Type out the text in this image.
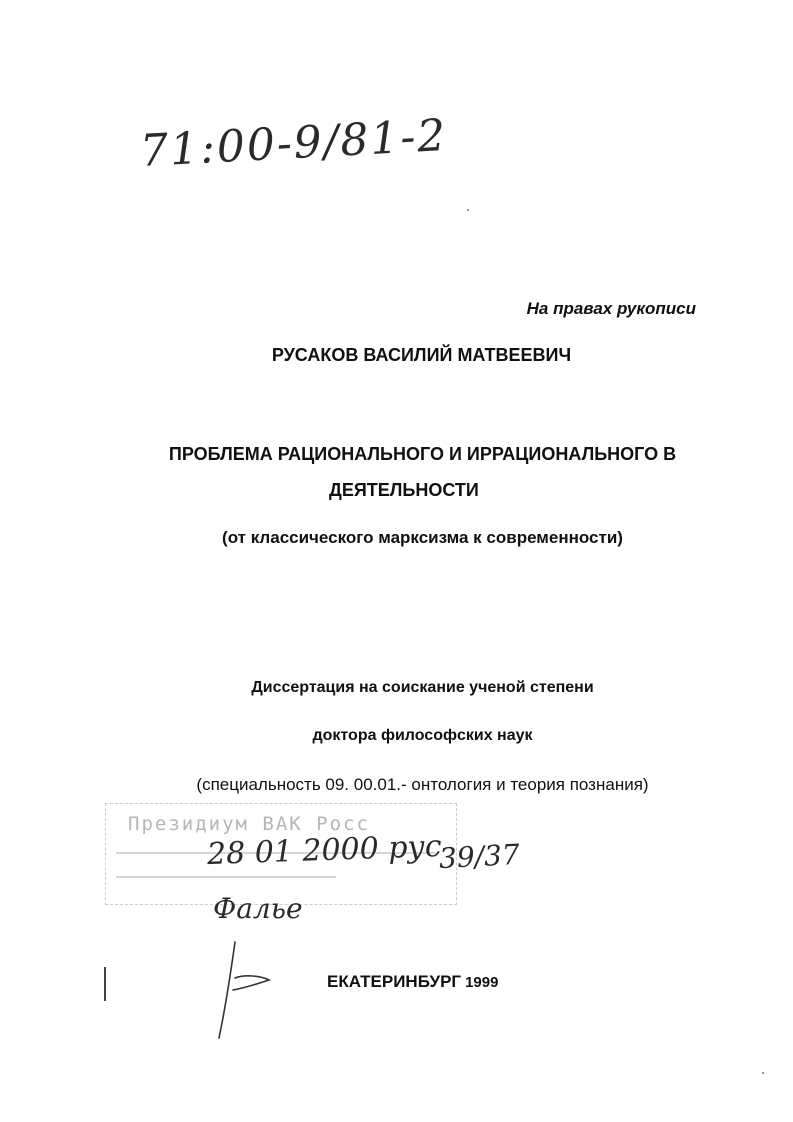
71:00-9/81-2
На правах рукописи
РУСАКОВ ВАСИЛИЙ МАТВЕЕВИЧ
ПРОБЛЕМА РАЦИОНАЛЬНОГО И ИРРАЦИОНАЛЬНОГО В
ДЕЯТЕЛЬНОСТИ
(от классического марксизма к современности)
Диссертация на соискание ученой степени
доктора философских наук
(специальность 09. 00.01.- онтология и теория познания)
Президиум ВАК Росс
28 01 2000 рус
39/37
Фалье
ЕКАТЕРИНБУРГ 1999
